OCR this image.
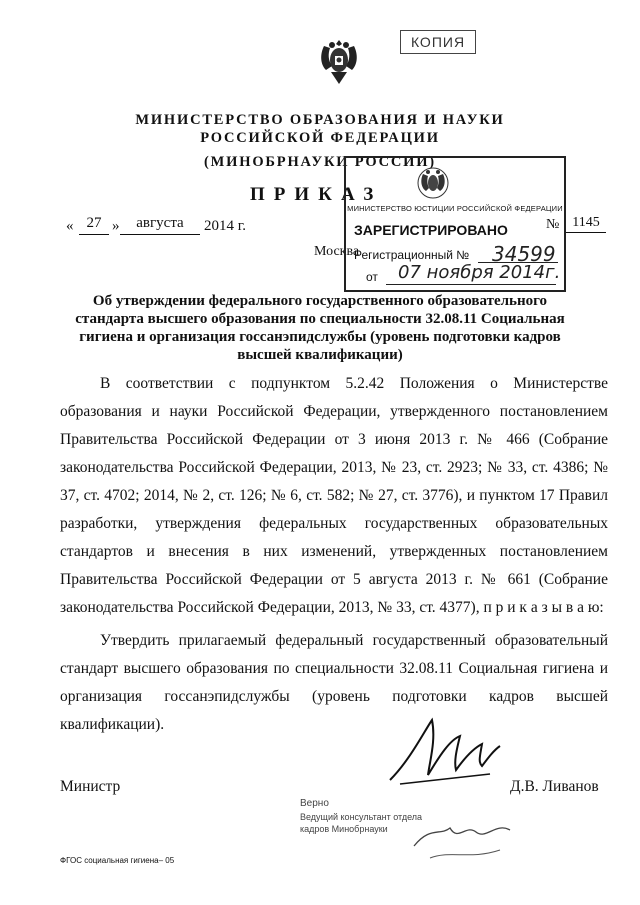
КОПИЯ
МИНИСТЕРСТВО ОБРАЗОВАНИЯ И НАУКИ
РОССИЙСКОЙ ФЕДЕРАЦИИ
(МИНОБРНАУКИ РОССИИ)
ПРИКАЗ
« 27 »	августа	2014 г.
Москва
№ 1145
МИНИСТЕРСТВО ЮСТИЦИИ РОССИЙСКОЙ ФЕДЕРАЦИИ
ЗАРЕГИСТРИРОВАНО
Регистрационный № 34599
от 07 ноября 2014г.
Об утверждении федерального государственного образовательного стандарта высшего образования по специальности 32.08.11 Социальная гигиена и организация госсанэпидслужбы (уровень подготовки кадров высшей квалификации)
В соответствии с подпунктом 5.2.42 Положения о Министерстве образования и науки Российской Федерации, утвержденного постановлением Правительства Российской Федерации от 3 июня 2013 г. № 466 (Собрание законодательства Российской Федерации, 2013, № 23, ст. 2923; № 33, ст. 4386; № 37, ст. 4702; 2014, № 2, ст. 126; № 6, ст. 582; № 27, ст. 3776), и пунктом 17 Правил разработки, утверждения федеральных государственных образовательных стандартов и внесения в них изменений, утвержденных постановлением Правительства Российской Федерации от 5 августа 2013 г. № 661 (Собрание законодательства Российской Федерации, 2013, № 33, ст. 4377), п р и к а з ы в а ю:
Утвердить прилагаемый федеральный государственный образовательный стандарт высшего образования по специальности 32.08.11 Социальная гигиена и организация госсанэпидслужбы (уровень подготовки кадров высшей квалификации).
Министр	Д.В. Ливанов
Верно
Ведущий консультант отдела
кадров Минобрнауки
ФГОС социальная гигиена– 05
